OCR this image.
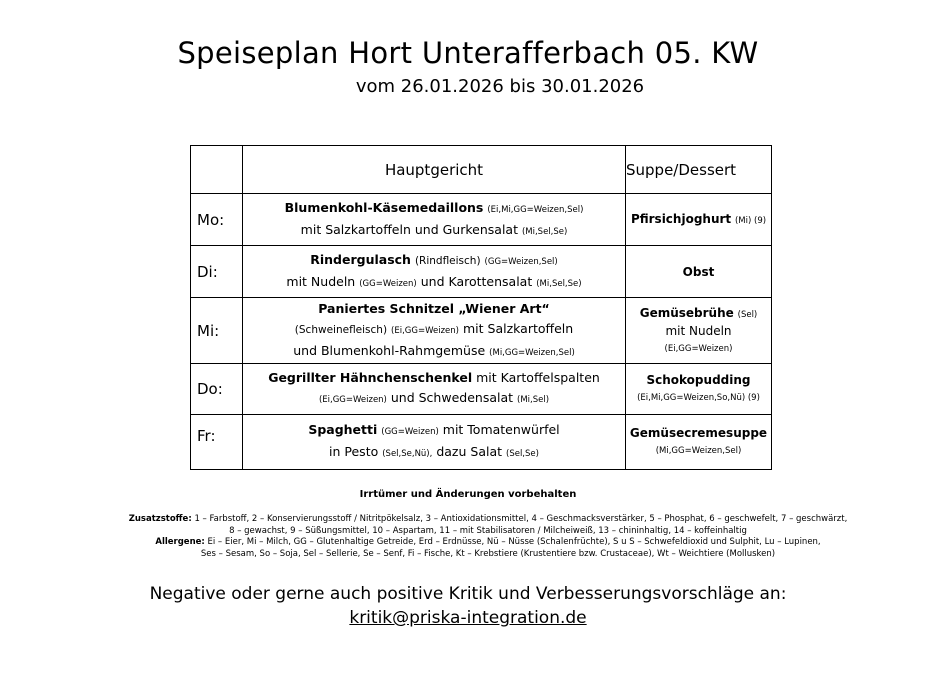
Speiseplan Hort Unterafferbach 05. KW
vom 26.01.2026 bis 30.01.2026
	Hauptgericht	Suppe/Dessert
Mo:	Blumenkohl-Käsemedaillons (Ei,Mi,GG=Weizen,Sel)
mit Salzkartoffeln und Gurkensalat (Mi,Sel,Se)	Pfirsichjoghurt (Mi) (9)
Di:	Rindergulasch (Rindfleisch) (GG=Weizen,Sel)
mit Nudeln (GG=Weizen) und Karottensalat (Mi,Sel,Se)	Obst
Mi:	Paniertes Schnitzel „Wiener Art“
(Schweinefleisch) (Ei,GG=Weizen) mit Salzkartoffeln
und Blumenkohl-Rahmgemüse (Mi,GG=Weizen,Sel)	Gemüsebrühe (Sel)
mit Nudeln
(Ei,GG=Weizen)
Do:	Gegrillter Hähnchenschenkel mit Kartoffelspalten
(Ei,GG=Weizen) und Schwedensalat (Mi,Sel)	Schokopudding
(Ei,Mi,GG=Weizen,So,Nü) (9)
Fr:	Spaghetti (GG=Weizen) mit Tomatenwürfel
in Pesto (Sel,Se,Nü), dazu Salat (Sel,Se)	Gemüsecremesuppe
(Mi,GG=Weizen,Sel)
Irrtümer und Änderungen vorbehalten
Zusatzstoffe: 1 – Farbstoff, 2 – Konservierungsstoff / Nitritpökelsalz, 3 – Antioxidationsmittel, 4 – Geschmacksverstärker, 5 – Phosphat, 6 – geschwefelt, 7 – geschwärzt,
8 – gewachst, 9 – Süßungsmittel, 10 – Aspartam, 11 – mit Stabilisatoren / Milcheiweiß, 13 – chininhaltig, 14 – koffeinhaltig
Allergene: Ei – Eier, Mi – Milch, GG – Glutenhaltige Getreide, Erd – Erdnüsse, Nü – Nüsse (Schalenfrüchte), S u S – Schwefeldioxid und Sulphit, Lu – Lupinen,
Ses – Sesam, So – Soja, Sel – Sellerie, Se – Senf, Fi – Fische, Kt – Krebstiere (Krustentiere bzw. Crustaceae), Wt – Weichtiere (Mollusken)
Negative oder gerne auch positive Kritik und Verbesserungsvorschläge an:
kritik@priska-integration.de
